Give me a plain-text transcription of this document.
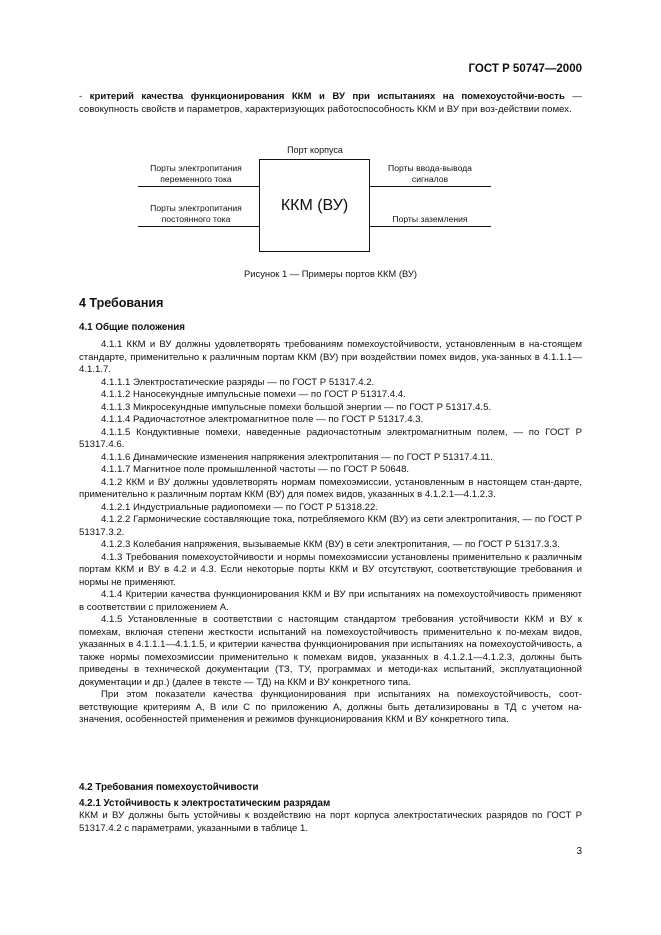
ГОСТ Р 50747—2000
- критерий качества функционирования ККМ и ВУ при испытаниях на помехоустойчи-вость — совокупность свойств и параметров, характеризующих работоспособность ККМ и ВУ при воз-действии помех.
Порт корпуса
ККМ (ВУ)
Порты электропитания
переменного тока
Порты электропитания
постоянного тока
Порты ввода-вывода
сигналов
Порты заземления
Рисунок 1 — Примеры портов ККМ (ВУ)
4 Требования
4.1 Общие положения

4.1.1 ККМ и ВУ должны удовлетворять требованиям помехоустойчивости, установленным в на-стоящем стандарте, применительно к различным портам ККМ (ВУ) при воздействии помех видов, ука-занных в 4.1.1.1—4.1.1.7.

4.1.1.1 Электростатические разряды — по ГОСТ Р 51317.4.2.

4.1.1.2 Наносекундные импульсные помехи — по ГОСТ Р 51317.4.4.

4.1.1.3 Микросекундные импульсные помехи большой энергии — по ГОСТ Р 51317.4.5.

4.1.1.4 Радиочастотное электромагнитное поле — по ГОСТ Р 51317.4.3.

4.1.1.5 Кондуктивные помехи, наведенные радиочастотным электромагнитным полем, — по ГОСТ Р 51317.4.6.

4.1.1.6 Динамические изменения напряжения электропитания — по ГОСТ Р 51317.4.11.

4.1.1.7 Магнитное поле промышленной частоты — по ГОСТ Р 50648.

4.1.2 ККМ и ВУ должны удовлетворять нормам помехоэмиссии, установленным в настоящем стан-дарте, применительно к различным портам ККМ (ВУ) для помех видов, указанных в 4.1.2.1—4.1.2.3.

4.1.2.1 Индустриальные радиопомехи — по ГОСТ Р 51318.22.

4.1.2.2 Гармонические составляющие тока, потребляемого ККМ (ВУ) из сети электропитания, — по ГОСТ Р 51317.3.2.

4.1.2.3 Колебания напряжения, вызываемые ККМ (ВУ) в сети электропитания, — по ГОСТ Р 51317.3.3.

4.1.3 Требования помехоустойчивости и нормы помехоэмиссии установлены применительно к различным портам ККМ и ВУ в 4.2 и 4.3. Если некоторые порты ККМ и ВУ отсутствуют, соответствующие требования и нормы не применяют.

4.1.4 Критерии качества функционирования ККМ и ВУ при испытаниях на помехоустойчивость применяют в соответствии с приложением А.

4.1.5 Установленные в соответствии с настоящим стандартом требования устойчивости ККМ и ВУ к помехам, включая степени жесткости испытаний на помехоустойчивость применительно к по-мехам видов, указанных в 4.1.1.1—4.1.1.5, и критерии качества функционирования при испытаниях на помехоустойчивость, а также нормы помехоэмиссии применительно к помехам видов, указанных в 4.1.2.1—4.1.2.3, должны быть приведены в технической документации (ТЗ, ТУ, программах и методи-ках испытаний, эксплуатационной документации и др.) (далее в тексте — ТД) на ККМ и ВУ конкретного типа.

При этом показатели качества функционирования при испытаниях на помехоустойчивость, соот-ветствующие критериям А, В или С по приложению А, должны быть детализированы в ТД с учетом на-значения, особенностей применения и режимов функционирования ККМ и ВУ конкретного типа.

4.2 Требования помехоустойчивости
4.2.1 Устойчивость к электростатическим разрядам

ККМ и ВУ должны быть устойчивы к воздействию на порт корпуса электростатических разрядов по ГОСТ Р 51317.4.2 с параметрами, указанными в таблице 1.

3
